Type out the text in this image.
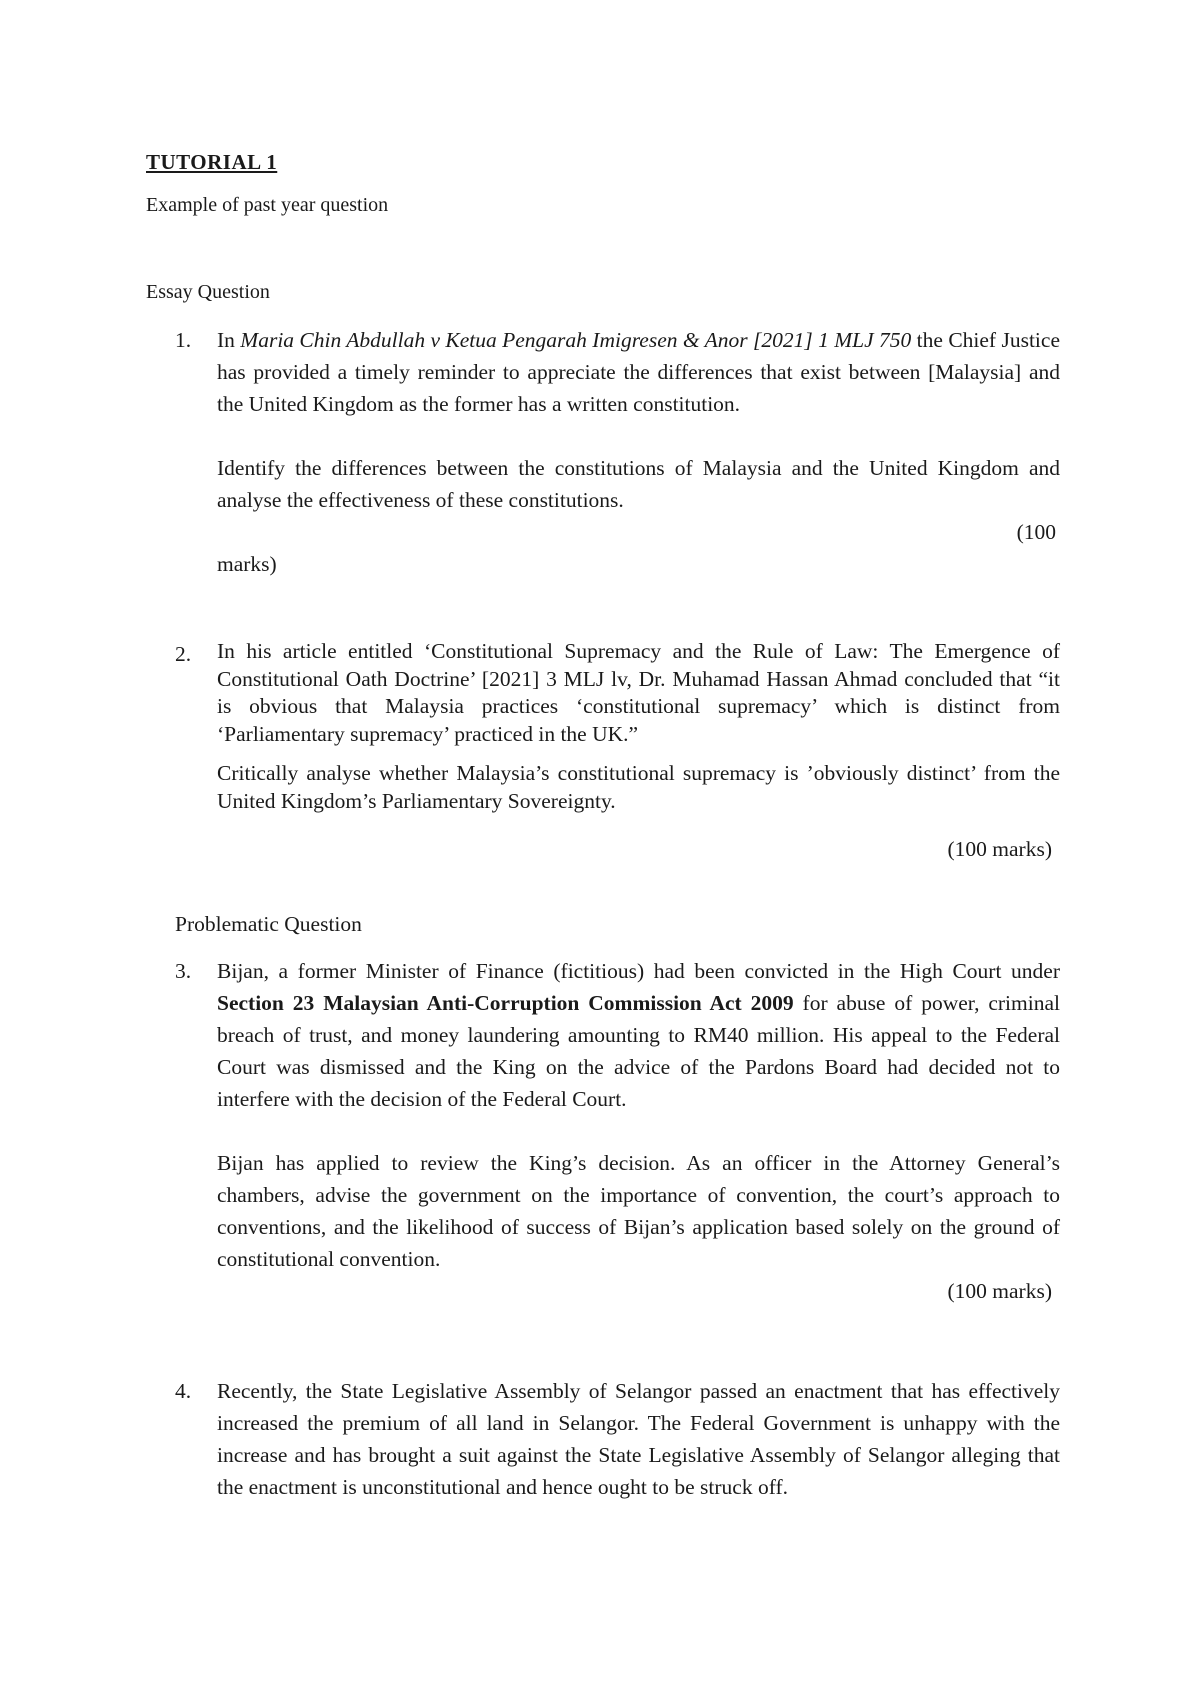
TUTORIAL 1
Example of past year question
Essay Question
1.	In Maria Chin Abdullah v Ketua Pengarah Imigresen & Anor [2021] 1 MLJ 750 the Chief Justice has provided a timely reminder to appreciate the differences that exist between [Malaysia] and the United Kingdom as the former has a written constitution.

Identify the differences between the constitutions of Malaysia and the United Kingdom and analyse the effectiveness of these constitutions.

(100
marks)
2.	In his article entitled ‘Constitutional Supremacy and the Rule of Law: The Emergence of Constitutional Oath Doctrine’ [2021] 3 MLJ lv, Dr. Muhamad Hassan Ahmad concluded that “it is obvious that Malaysia practices ‘constitutional supremacy’ which is distinct from ‘Parliamentary supremacy’ practiced in the UK.”

Critically analyse whether Malaysia’s constitutional supremacy is ’obviously distinct’ from the United Kingdom’s Parliamentary Sovereignty.

(100 marks)
Problematic Question
3.	Bijan, a former Minister of Finance (fictitious) had been convicted in the High Court under Section 23 Malaysian Anti-Corruption Commission Act 2009 for abuse of power, criminal breach of trust, and money laundering amounting to RM40 million. His appeal to the Federal Court was dismissed and the King on the advice of the Pardons Board had decided not to interfere with the decision of the Federal Court.

Bijan has applied to review the King’s decision. As an officer in the Attorney General’s chambers, advise the government on the importance of convention, the court’s approach to conventions, and the likelihood of success of Bijan’s application based solely on the ground of constitutional convention.

(100 marks)
4.	Recently, the State Legislative Assembly of Selangor passed an enactment that has effectively increased the premium of all land in Selangor. The Federal Government is unhappy with the increase and has brought a suit against the State Legislative Assembly of Selangor alleging that the enactment is unconstitutional and hence ought to be struck off.
